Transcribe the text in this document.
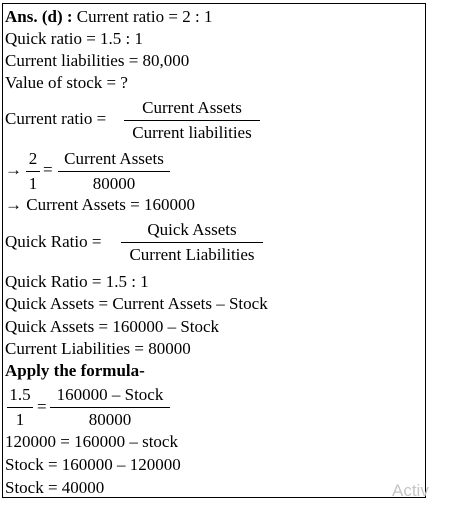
Ans. (d) : Current ratio = 2 : 1
Quick ratio = 1.5 : 1
Current liabilities = 80,000
Value of stock = ?
Current ratio =
Current Assets
Current liabilities
→
2
1
=
Current Assets
80000
→ Current Assets = 160000
Quick Ratio =
Quick Assets
Current Liabilities
Quick Ratio = 1.5 : 1
Quick Assets = Current Assets – Stock
Quick Assets = 160000 – Stock
Current Liabilities = 80000
Apply the formula-
1.5
1
=
160000 – Stock
80000
120000 = 160000 – stock
Stock = 160000 – 120000
Stock = 40000	Activ
